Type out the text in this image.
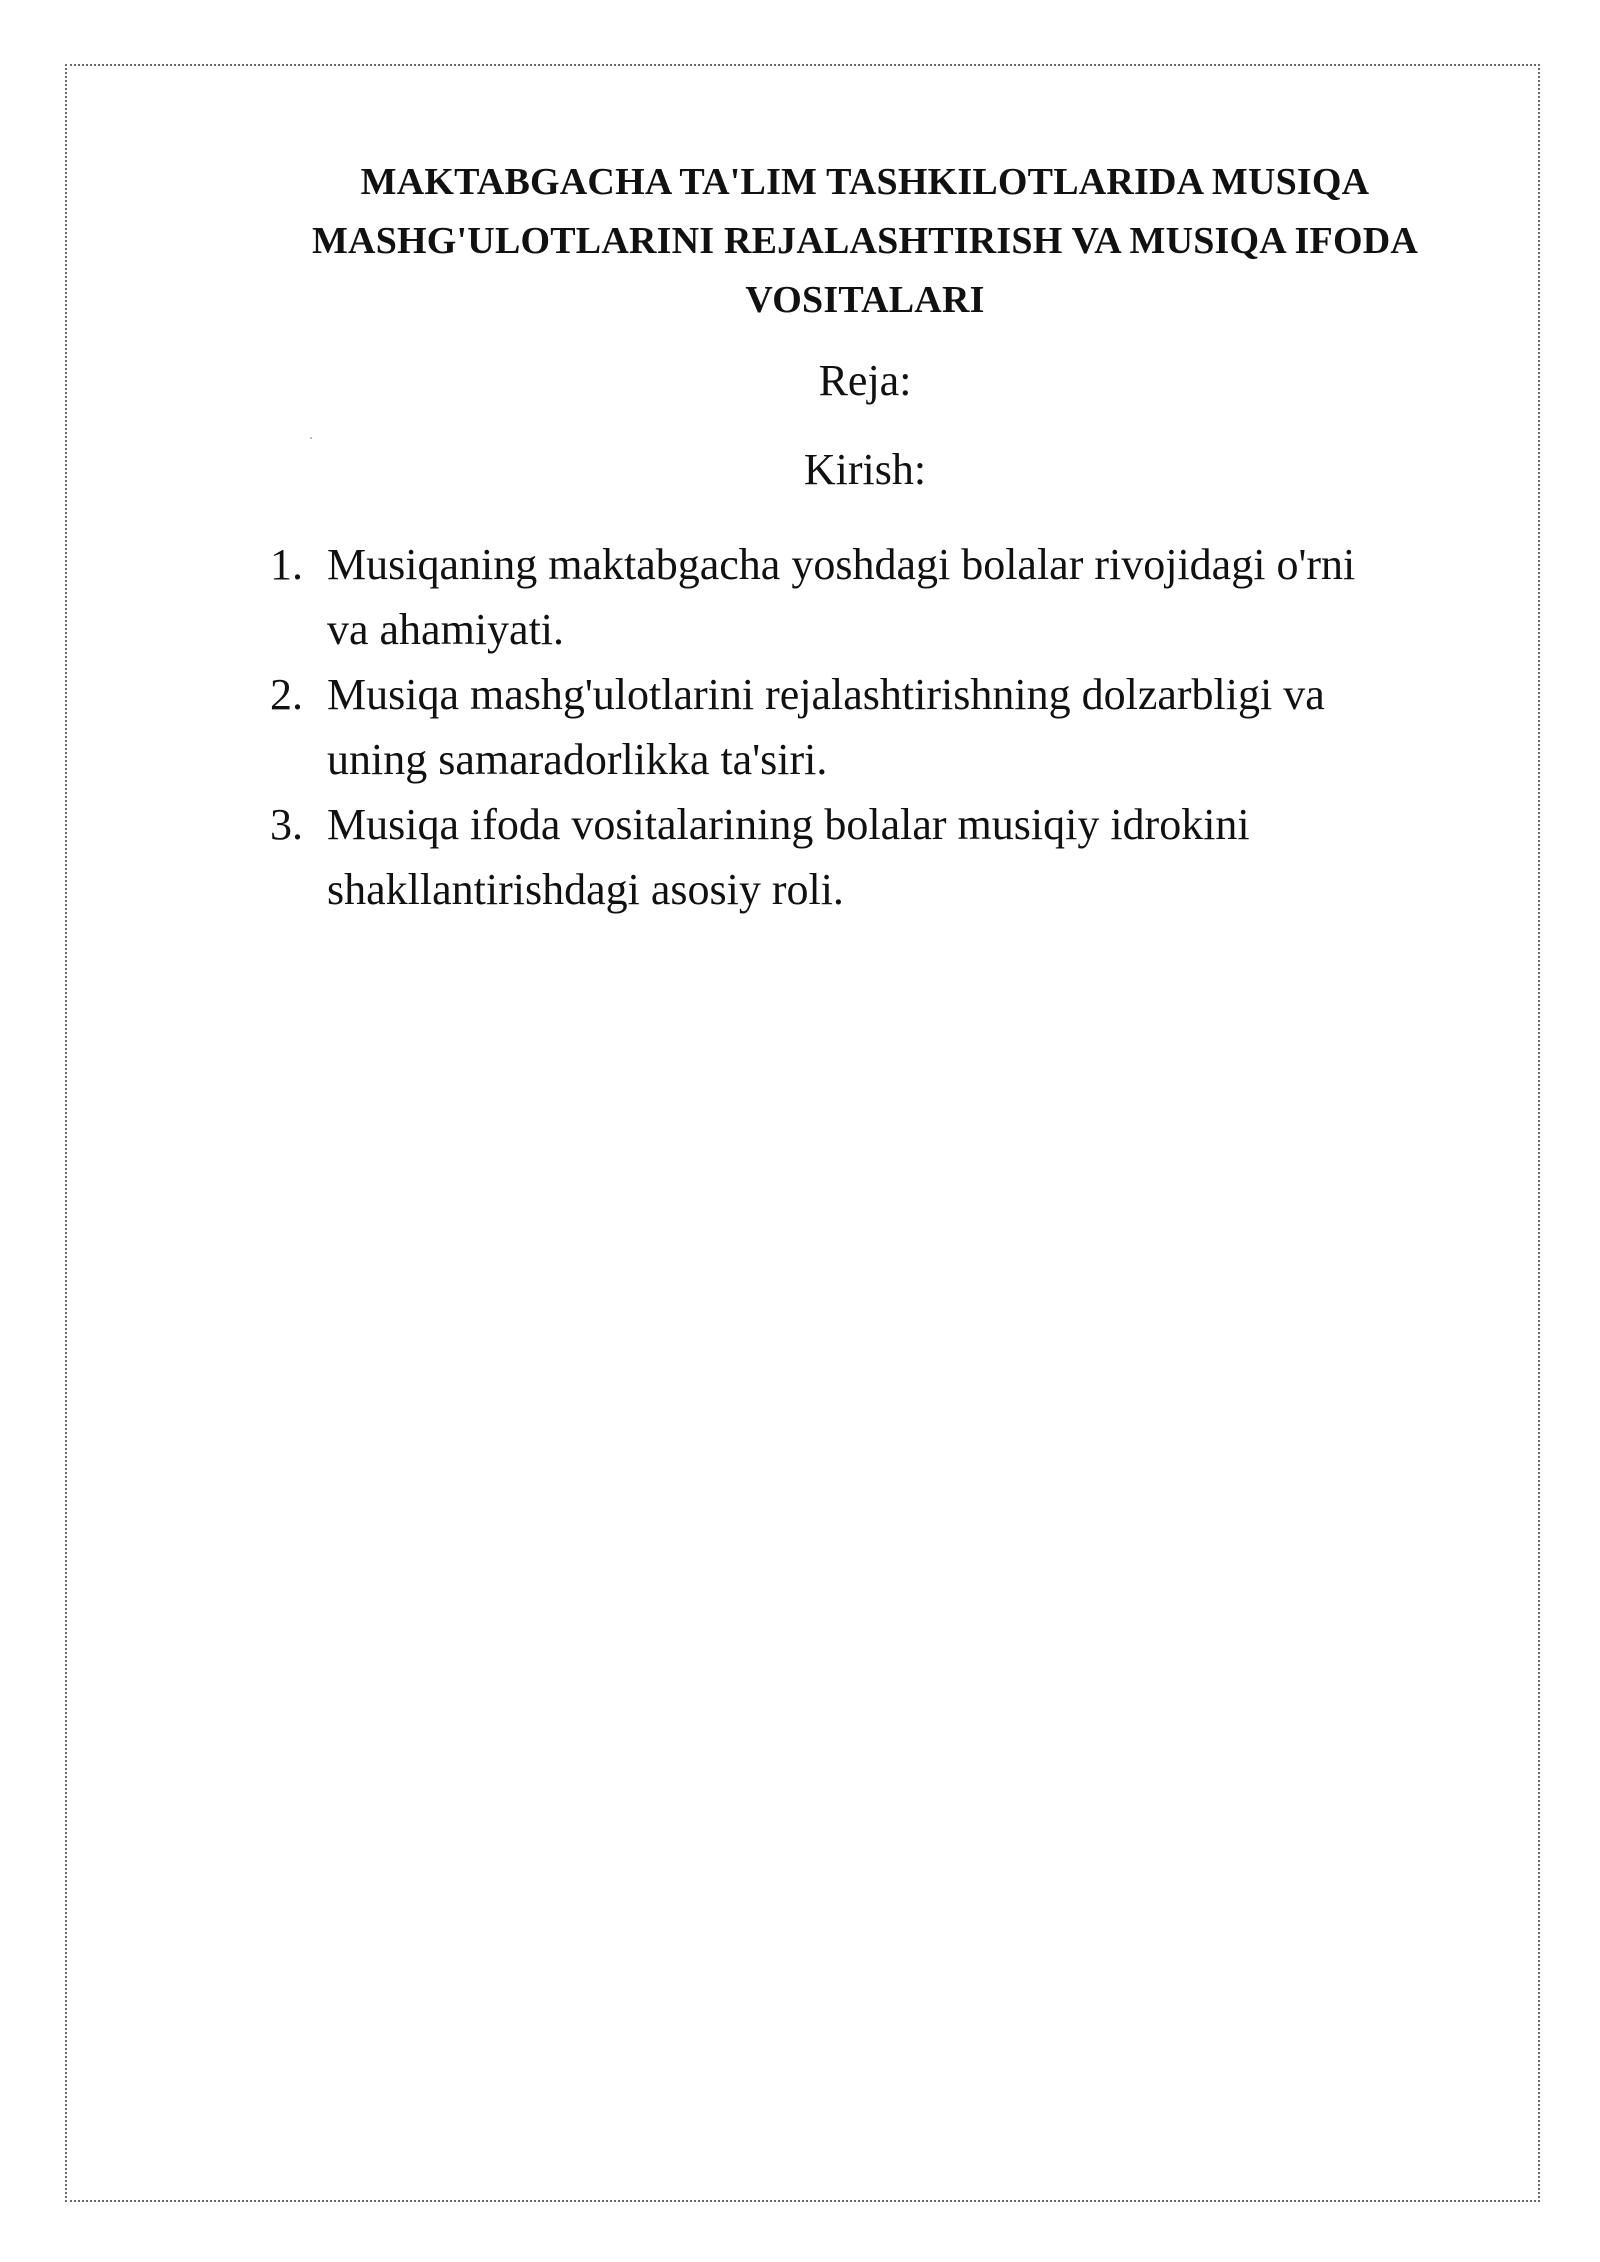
MAKTABGACHA TA'LIM TASHKILOTLARIDA MUSIQA
MASHG'ULOTLARINI REJALASHTIRISH VA MUSIQA IFODA
VOSITALARI
Reja:
Kirish:
1. Musiqaning maktabgacha yoshdagi bolalar rivojidagi o'rni
va ahamiyati.
2. Musiqa mashg'ulotlarini rejalashtirishning dolzarbligi va
uning samaradorlikka ta'siri.
3. Musiqa ifoda vositalarining bolalar musiqiy idrokini
shakllantirishdagi asosiy roli.
